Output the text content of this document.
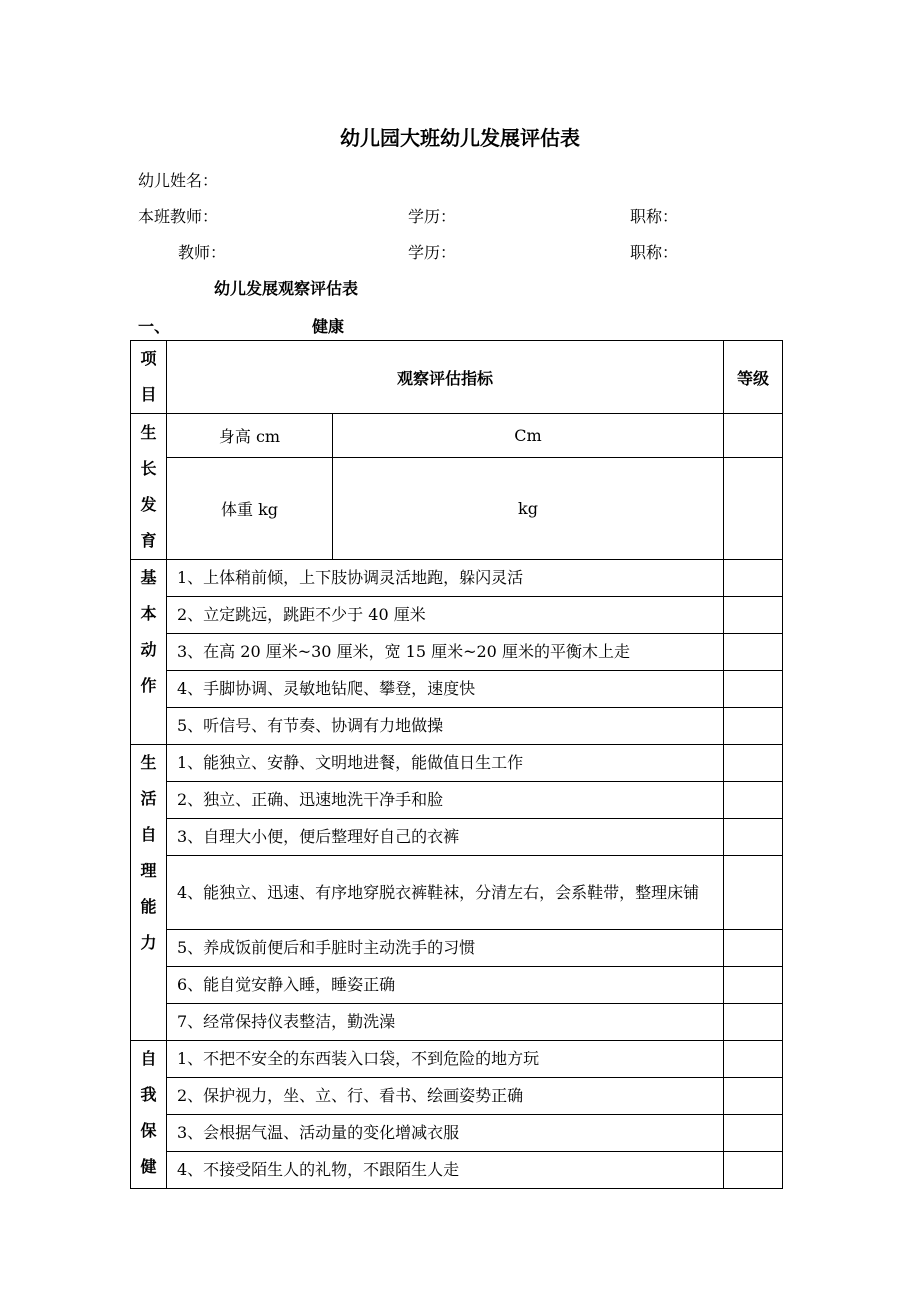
幼儿园大班幼儿发展评估表
幼儿姓名：
本班教师：	学历：	职称：
教师：	学历：	职称：
幼儿发展观察评估表
一、	健康
项目	观察评估指标		等级

生长发育	身高 cm	Cm	
	体重 kg	kg	

基本动作	1、上体稍前倾，上下肢协调灵活地跑，躲闪灵活		
	2、立定跳远，跳距不少于 40 厘米		
	3、在高 20 厘米~30 厘米，宽 15 厘米~20 厘米的平衡木上走		
	4、手脚协调、灵敏地钻爬、攀登，速度快		
	5、听信号、有节奏、协调有力地做操		

生活自理能力	1、能独立、安静、文明地进餐，能做值日生工作		
	2、独立、正确、迅速地洗干净手和脸		
	3、自理大小便，便后整理好自己的衣裤		
	4、能独立、迅速、有序地穿脱衣裤鞋袜，分清左右，会系鞋带，整理床铺		
	5、养成饭前便后和手脏时主动洗手的习惯		
	6、能自觉安静入睡，睡姿正确		
	7、经常保持仪表整洁，勤洗澡		

自我保健	1、不把不安全的东西装入口袋，不到危险的地方玩		
	2、保护视力，坐、立、行、看书、绘画姿势正确		
	3、会根据气温、活动量的变化增减衣服		
	4、不接受陌生人的礼物，不跟陌生人走		
